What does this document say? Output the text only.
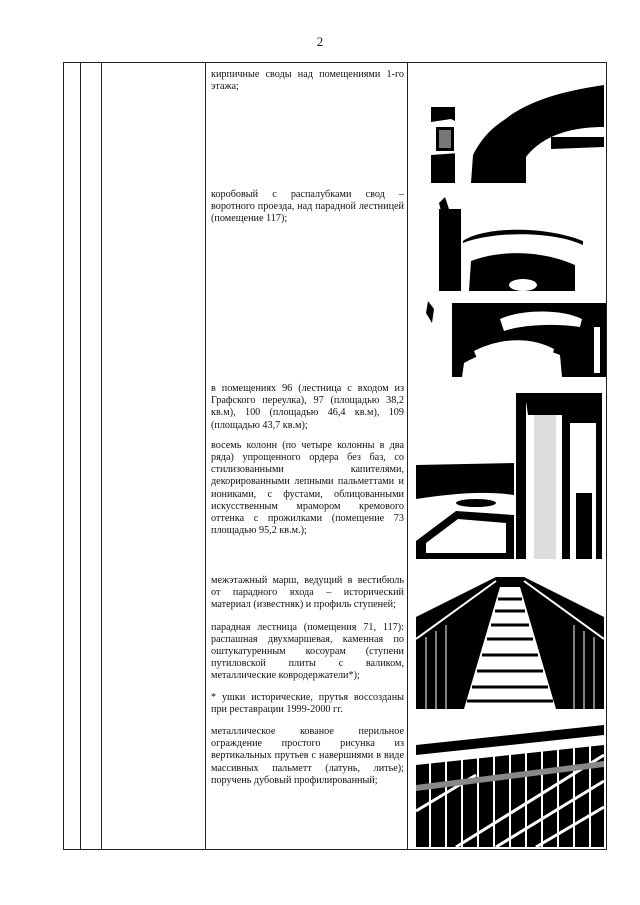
2

кирпичные своды над помещениями 1-го этажа;

коробовый с распалубками свод – воротного проезда, над парадной лестницей (помещение 117);

в помещениях 96 (лестница с входом из Графского переулка), 97 (площадью 38,2 кв.м), 100 (площадью 46,4 кв.м), 109 (площадью 43,7 кв.м);

восемь колонн (по четыре колонны в два ряда) упрощенного ордера без баз, со стилизованными капителями, декорированными лепными пальметтами и иониками, с фустами, облицованными искусственным мрамором кремового оттенка с прожилками (помещение 73 площадью 95,2 кв.м.);

межэтажный марш, ведущий в вестибюль от парадного входа – исторический материал (известняк) и профиль ступеней;

парадная лестница (помещения 71, 117): распашная двухмаршевая, каменная по оштукатуренным косоурам (ступени путиловской плиты с валиком, металлические ковродержатели*);

* ушки исторические, прутья воссозданы при реставрации 1999-2000 гг.

металлическое кованое перильное ограждение простого рисунка из вертикальных прутьев с навершиями в виде массивных пальметт (латунь, литье); поручень дубовый профилированный;
